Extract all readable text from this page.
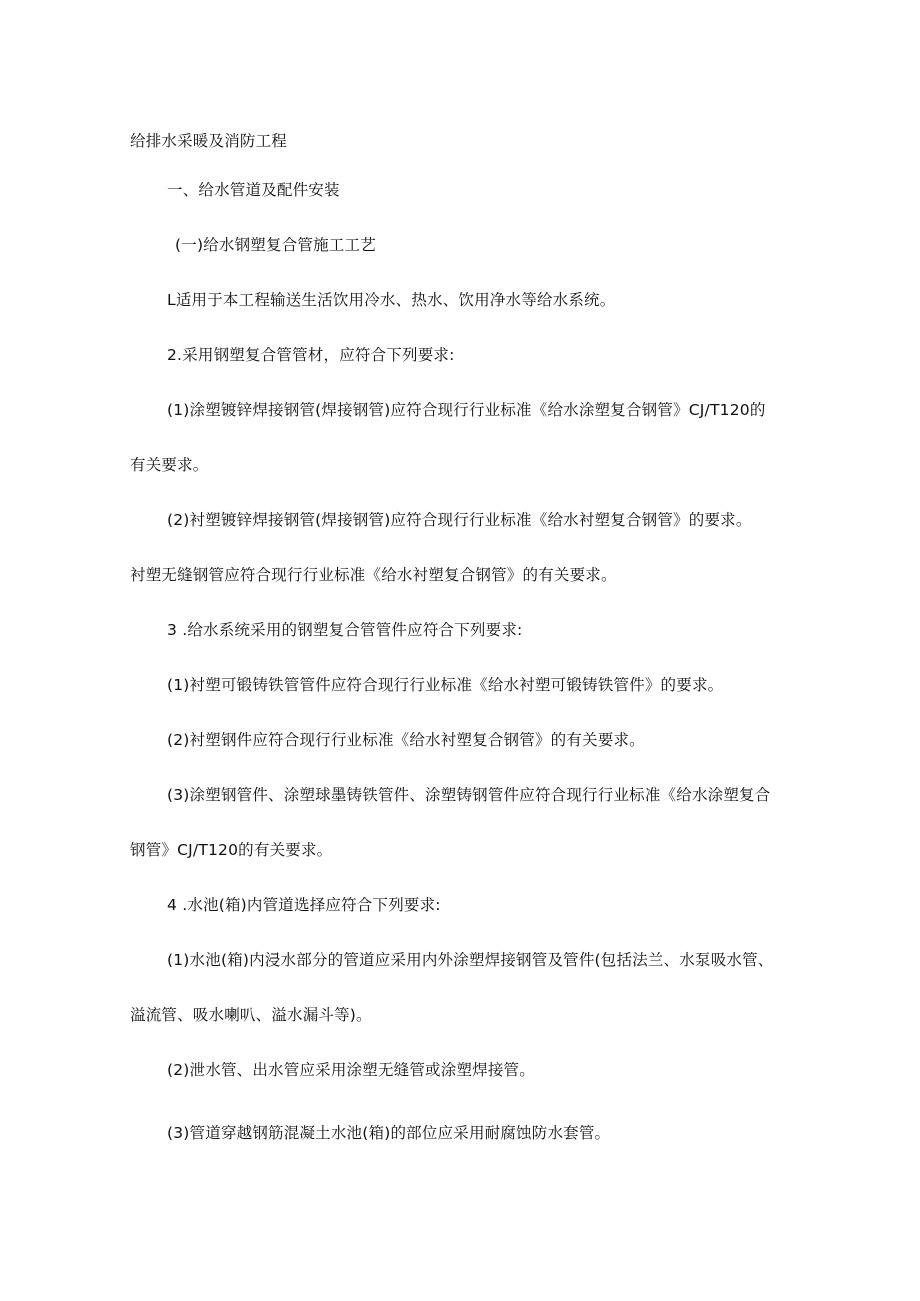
给排水采暖及消防工程
一、给水管道及配件安装
(一)给水钢塑复合管施工工艺
L适用于本工程输送生活饮用冷水、热水、饮用净水等给水系统。
2.采用钢塑复合管管材，应符合下列要求:
(1)涂塑镀锌焊接钢管(焊接钢管)应符合现行行业标准《给水涂塑复合钢管》CJ/T120的
有关要求。
(2)衬塑镀锌焊接钢管(焊接钢管)应符合现行行业标准《给水衬塑复合钢管》的要求。
衬塑无缝钢管应符合现行行业标准《给水衬塑复合钢管》的有关要求。
3 .给水系统采用的钢塑复合管管件应符合下列要求:
(1)衬塑可锻铸铁管管件应符合现行行业标准《给水衬塑可锻铸铁管件》的要求。
(2)衬塑钢件应符合现行行业标准《给水衬塑复合钢管》的有关要求。
(3)涂塑钢管件、涂塑球墨铸铁管件、涂塑铸钢管件应符合现行行业标准《给水涂塑复合
钢管》CJ/T120的有关要求。
4 .水池(箱)内管道选择应符合下列要求:
(1)水池(箱)内浸水部分的管道应采用内外涂塑焊接钢管及管件(包括法兰、水泵吸水管、
溢流管、吸水喇叭、溢水漏斗等)。
(2)泄水管、出水管应采用涂塑无缝管或涂塑焊接管。
(3)管道穿越钢筋混凝土水池(箱)的部位应采用耐腐蚀防水套管。
